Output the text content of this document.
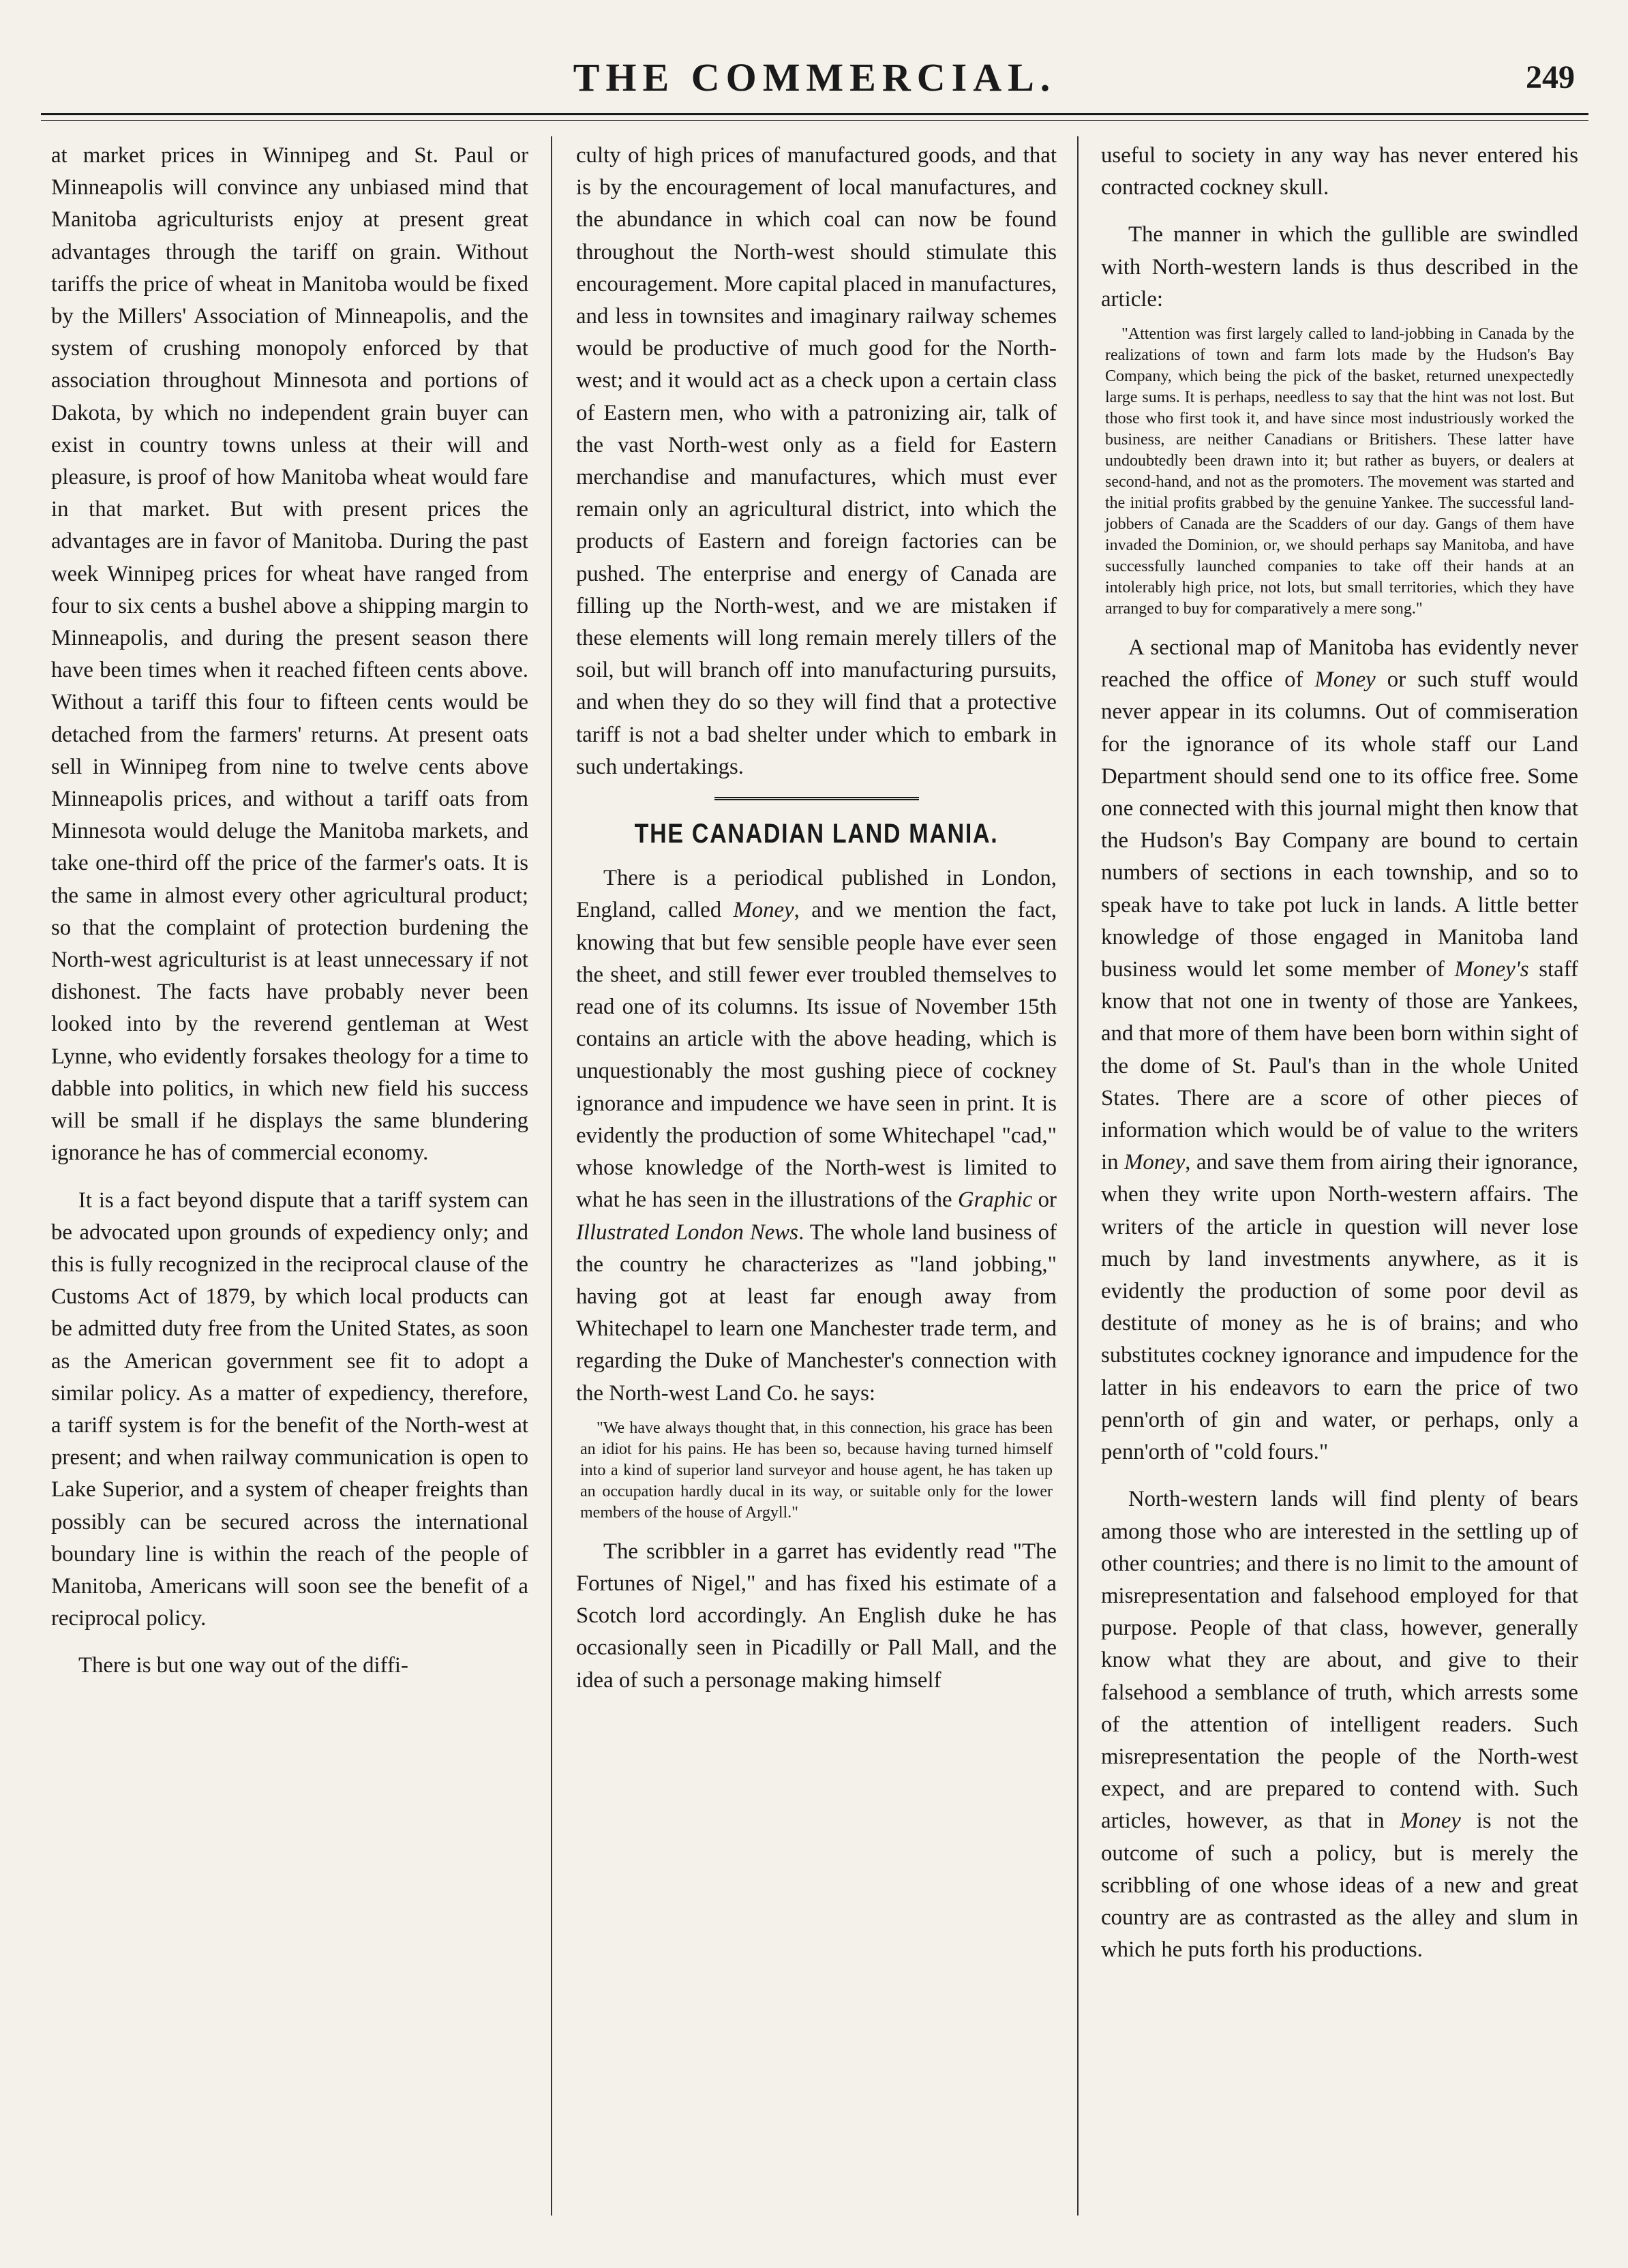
THE COMMERCIAL.	249

at market prices in Winnipeg and St. Paul or Minneapolis will convince any unbiased mind that Manitoba agriculturists enjoy at present great advantages through the tariff on grain. Without tariffs the price of wheat in Manitoba would be fixed by the Millers' Association of Minneapolis, and the system of crushing monopoly enforced by that association throughout Minnesota and portions of Dakota, by which no independent grain buyer can exist in country towns unless at their will and pleasure, is proof of how Manitoba wheat would fare in that market. But with present prices the advantages are in favor of Manitoba. During the past week Winnipeg prices for wheat have ranged from four to six cents a bushel above a shipping margin to Minneapolis, and during the present season there have been times when it reached fifteen cents above. Without a tariff this four to fifteen cents would be detached from the farmers' returns. At present oats sell in Winnipeg from nine to twelve cents above Minneapolis prices, and without a tariff oats from Minnesota would deluge the Manitoba markets, and take one-third off the price of the farmer's oats. It is the same in almost every other agricultural product; so that the complaint of protection burdening the North-west agriculturist is at least unnecessary if not dishonest. The facts have probably never been looked into by the reverend gentleman at West Lynne, who evidently forsakes theology for a time to dabble into politics, in which new field his success will be small if he displays the same blundering ignorance he has of commercial economy.

It is a fact beyond dispute that a tariff system can be advocated upon grounds of expediency only; and this is fully recognized in the reciprocal clause of the Customs Act of 1879, by which local products can be admitted duty free from the United States, as soon as the American government see fit to adopt a similar policy. As a matter of expediency, therefore, a tariff system is for the benefit of the North-west at present; and when railway communication is open to Lake Superior, and a system of cheaper freights than possibly can be secured across the international boundary line is within the reach of the people of Manitoba, Americans will soon see the benefit of a reciprocal policy.

There is but one way out of the diffi-

culty of high prices of manufactured goods, and that is by the encouragement of local manufactures, and the abundance in which coal can now be found throughout the North-west should stimulate this encouragement. More capital placed in manufactures, and less in townsites and imaginary railway schemes would be productive of much good for the North-west; and it would act as a check upon a certain class of Eastern men, who with a patronizing air, talk of the vast North-west only as a field for Eastern merchandise and manufactures, which must ever remain only an agricultural district, into which the products of Eastern and foreign factories can be pushed. The enterprise and energy of Canada are filling up the North-west, and we are mistaken if these elements will long remain merely tillers of the soil, but will branch off into manufacturing pursuits, and when they do so they will find that a protective tariff is not a bad shelter under which to embark in such undertakings.

THE CANADIAN LAND MANIA.

There is a periodical published in London, England, called Money, and we mention the fact, knowing that but few sensible people have ever seen the sheet, and still fewer ever troubled themselves to read one of its columns. Its issue of November 15th contains an article with the above heading, which is unquestionably the most gushing piece of cockney ignorance and impudence we have seen in print. It is evidently the production of some Whitechapel "cad," whose knowledge of the North-west is limited to what he has seen in the illustrations of the Graphic or Illustrated London News. The whole land business of the country he characterizes as "land jobbing," having got at least far enough away from Whitechapel to learn one Manchester trade term, and regarding the Duke of Manchester's connection with the North-west Land Co. he says:

"We have always thought that, in this connection, his grace has been an idiot for his pains. He has been so, because having turned himself into a kind of superior land surveyor and house agent, he has taken up an occupation hardly ducal in its way, or suitable only for the lower members of the house of Argyll."

The scribbler in a garret has evidently read "The Fortunes of Nigel," and has fixed his estimate of a Scotch lord accordingly. An English duke he has occasionally seen in Picadilly or Pall Mall, and the idea of such a personage making himself

useful to society in any way has never entered his contracted cockney skull.

The manner in which the gullible are swindled with North-western lands is thus described in the article:

"Attention was first largely called to land-jobbing in Canada by the realizations of town and farm lots made by the Hudson's Bay Company, which being the pick of the basket, returned unexpectedly large sums. It is perhaps, needless to say that the hint was not lost. But those who first took it, and have since most industriously worked the business, are neither Canadians or Britishers. These latter have undoubtedly been drawn into it; but rather as buyers, or dealers at second-hand, and not as the promoters. The movement was started and the initial profits grabbed by the genuine Yankee. The successful land-jobbers of Canada are the Scadders of our day. Gangs of them have invaded the Dominion, or, we should perhaps say Manitoba, and have successfully launched companies to take off their hands at an intolerably high price, not lots, but small territories, which they have arranged to buy for comparatively a mere song."

A sectional map of Manitoba has evidently never reached the office of Money or such stuff would never appear in its columns. Out of commiseration for the ignorance of its whole staff our Land Department should send one to its office free. Some one connected with this journal might then know that the Hudson's Bay Company are bound to certain numbers of sections in each township, and so to speak have to take pot luck in lands. A little better knowledge of those engaged in Manitoba land business would let some member of Money's staff know that not one in twenty of those are Yankees, and that more of them have been born within sight of the dome of St. Paul's than in the whole United States. There are a score of other pieces of information which would be of value to the writers in Money, and save them from airing their ignorance, when they write upon North-western affairs. The writers of the article in question will never lose much by land investments anywhere, as it is evidently the production of some poor devil as destitute of money as he is of brains; and who substitutes cockney ignorance and impudence for the latter in his endeavors to earn the price of two penn'orth of gin and water, or perhaps, only a penn'orth of "cold fours."

North-western lands will find plenty of bears among those who are interested in the settling up of other countries; and there is no limit to the amount of misrepresentation and falsehood employed for that purpose. People of that class, however, generally know what they are about, and give to their falsehood a semblance of truth, which arrests some of the attention of intelligent readers. Such misrepresentation the people of the North-west expect, and are prepared to contend with. Such articles, however, as that in Money is not the outcome of such a policy, but is merely the scribbling of one whose ideas of a new and great country are as contrasted as the alley and slum in which he puts forth his productions.
